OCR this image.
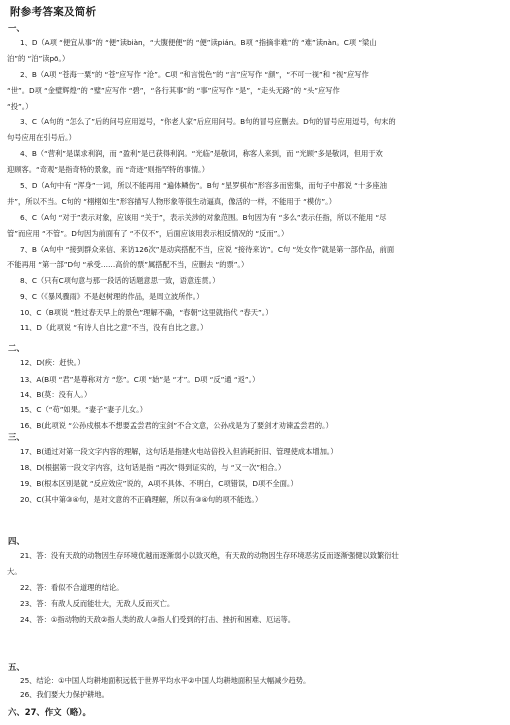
附参考答案及简析
一、
1、D（A项 “便宜从事”的 “便”读biàn，“大腹便便”的 “便”读pián。B项 “指摘非难”的 “难”读nàn。C项 “梁山
泊”的 “泊”读pō。）
2、B（A项 “苍海一粟”的 “苍”应写作 “沧”。C项 “和言悦色”的 “言”应写作 “颜”，“不可一视”和 “视”应写作
“世”。D项 “金璧辉煌”的 “璧”应写作 “碧”，“各行其事”的 “事”应写作 “是”，“走头无路”的 “头”应写作
“投”。）
3、C（A句的 “怎么了”后的问号应用逗号，“你老人家”后应用问号。B句的冒号应删去。D句的冒号应用逗号，句末的
句号应用在引号后。）
4、B（“营利”是谋求利润，而 “盈利”是已获得利润。“光临”是敬词，称客人来到，而 “光顾”多是敬词，但用于欢
迎顾客。“奇观”是指奇特的景象，而 “奇迹”则指罕特的事情。）
5、D（A句中有 “浑身”一词，所以不能再用 “遍体鳞伤”。B句 “星罗棋布”形容多而密集，而句子中都说 “十多座油
井”，所以不当。C句的 “栩栩如生”形容描写人物形象等很生动逼真，像活的一样，不能用于 “模仿”。）
6、C（A句 “对于”表示对象，应该用 “关于”，表示关涉的对象范围。B句因为有 “多么”表示任指，所以不能用 “尽
管”而应用 “不管”。D句因为前面有了 “不仅不”，后面应该用表示相反情况的 “反而”。）
7、B（A句中 “接到群众来信、来访126次”是动宾搭配不当，应说 “接待来访”。C句 “处女作”就是第一部作品，前面
不能再用 “第一部”D句 “承受……高价的票”属搭配不当，应删去 “的票”。）
8、C（只有C项句意与那一段话的话题意思一致，语意连贯。）
9、C（《暴风骤雨》不是赵树理的作品，是周立波所作。）
10、C（B项说 “胜过春天早上的景色”理解不确，“春朝”这里就指代 “春天”。）
11、D（此项说 “有诗人自比之意”不当，没有自比之意。）
二、
12、D(疾：赶快。）
13、A(B项 “君”是尊称对方 “您”。C项 “始”是 “才”。D项 “反”通 “返”。）
14、B(莫：没有人。）
15、C（“苟”如果。“妻子”妻子儿女。）
16、B(此项说 “公孙戍根本不想要孟尝君的宝剑”不合文意，公孙戍是为了要剑才劝谏孟尝君的。）
三、
17、B(通过对第一段文字内容的理解，这句话是指建火电站倍投入但消耗折旧、管理使成本增加。）
18、D(根据第一段文字内容，这句话是指 “再次”得到证实的，与 “又一次”相合。）
19、B(根本区别是就 “反应效应”说的，A项不具体、不明白，C项错误，D项不全面。）
20、C(其中第③④句，是对文意的不正确理解，所以有③④句的项不能选。）
四、
21、答：没有天敌的动物因生存环境优越而逐渐弱小以致灭绝，有天敌的动物因生存环境恶劣反而逐渐强健以致繁衍壮
大。
22、答：看似不合道理的结论。
23、答：有敌人反而能壮大，无敌人反而灭亡。
24、答：①指动物的天敌②指人类的敌人③指人们受到的打击、挫折和困难、厄运等。
五、
25、结论：①中国人均耕地面积远低于世界平均水平②中国人均耕地面积呈大幅减少趋势。
26、我们要大力保护耕地。
六、27、作文（略）。
